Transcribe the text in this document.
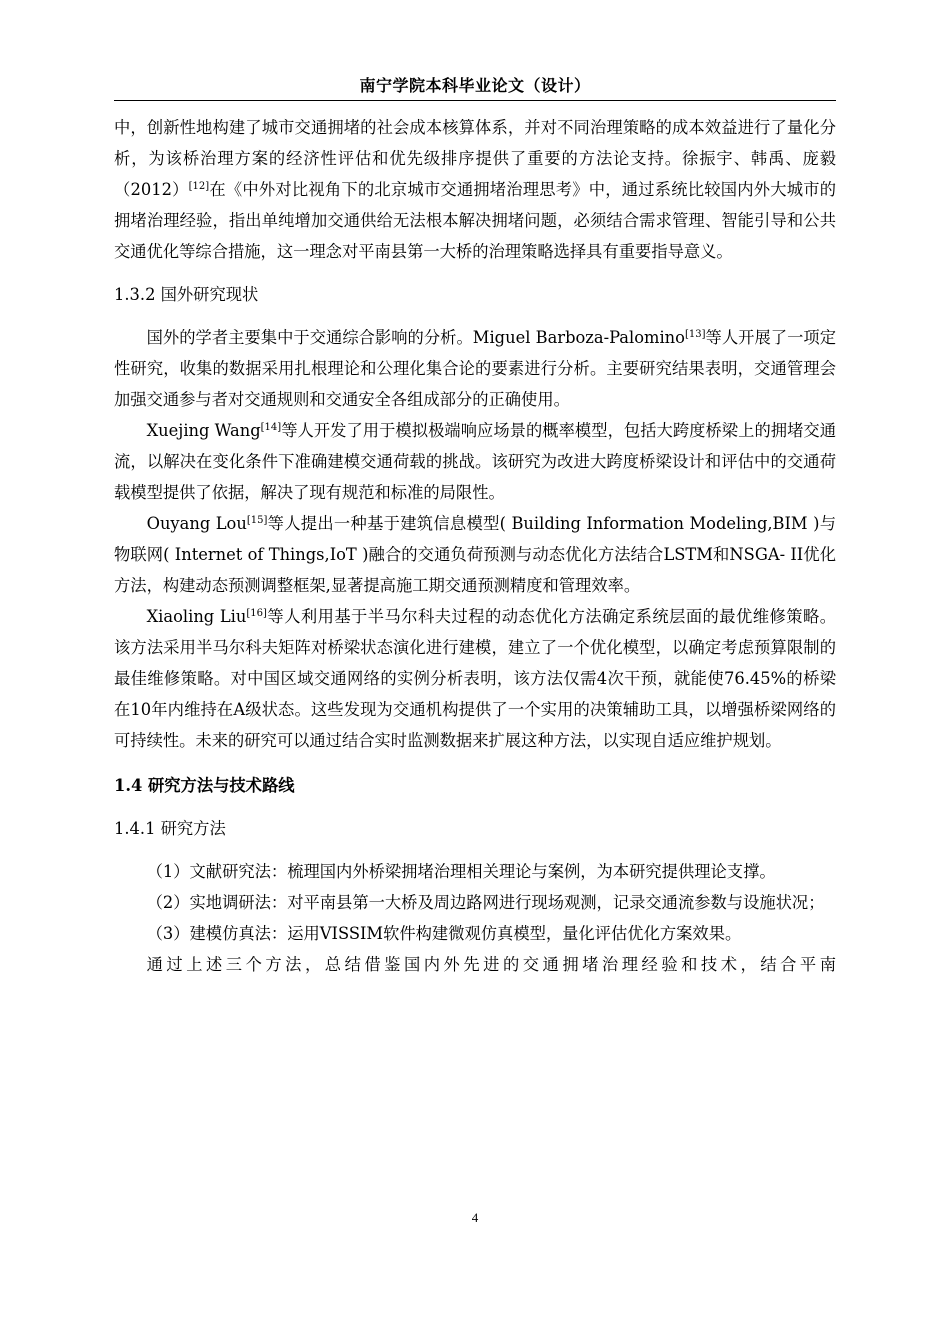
南宁学院本科毕业论文（设计）

中，创新性地构建了城市交通拥堵的社会成本核算体系，并对不同治理策略的成本效益进行了量化分析，为该桥治理方案的经济性评估和优先级排序提供了重要的方法论支持。徐振宇、韩禹、庞毅（2012）[12]在《中外对比视角下的北京城市交通拥堵治理思考》中，通过系统比较国内外大城市的拥堵治理经验，指出单纯增加交通供给无法根本解决拥堵问题，必须结合需求管理、智能引导和公共交通优化等综合措施，这一理念对平南县第一大桥的治理策略选择具有重要指导意义。

1.3.2 国外研究现状

国外的学者主要集中于交通综合影响的分析。Miguel Barboza-Palomino[13]等人开展了一项定性研究，收集的数据采用扎根理论和公理化集合论的要素进行分析。主要研究结果表明，交通管理会加强交通参与者对交通规则和交通安全各组成部分的正确使用。

Xuejing Wang[14]等人开发了用于模拟极端响应场景的概率模型，包括大跨度桥梁上的拥堵交通流，以解决在变化条件下准确建模交通荷载的挑战。该研究为改进大跨度桥梁设计和评估中的交通荷载模型提供了依据，解决了现有规范和标准的局限性。

Ouyang Lou[15]等人提出一种基于建筑信息模型( Building Information Modeling,BIM )与物联网( Internet of Things,IoT )融合的交通负荷预测与动态优化方法结合LSTM和NSGA- II优化方法，构建动态预测调整框架,显著提高施工期交通预测精度和管理效率。

Xiaoling Liu[16]等人利用基于半马尔科夫过程的动态优化方法确定系统层面的最优维修策略。该方法采用半马尔科夫矩阵对桥梁状态演化进行建模，建立了一个优化模型，以确定考虑预算限制的最佳维修策略。对中国区域交通网络的实例分析表明，该方法仅需4次干预，就能使76.45%的桥梁在10年内维持在A级状态。这些发现为交通机构提供了一个实用的决策辅助工具，以增强桥梁网络的可持续性。未来的研究可以通过结合实时监测数据来扩展这种方法，以实现自适应维护规划。

1.4 研究方法与技术路线

1.4.1 研究方法

（1）文献研究法：梳理国内外桥梁拥堵治理相关理论与案例，为本研究提供理论支撑。

（2）实地调研法：对平南县第一大桥及周边路网进行现场观测，记录交通流参数与设施状况；

（3）建模仿真法：运用VISSIM软件构建微观仿真模型，量化评估优化方案效果。

通过上述三个方法，总结借鉴国内外先进的交通拥堵治理经验和技术，结合平南

4
